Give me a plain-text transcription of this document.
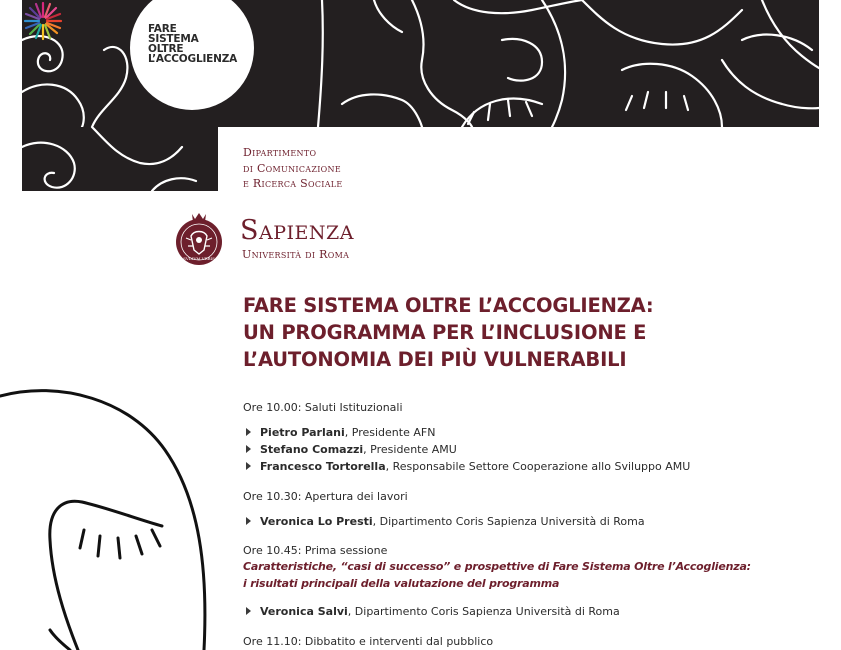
FARE
SISTEMA
OLTRE
L’ACCOGLIENZA
Dipartimento
di Comunicazione
e Ricerca Sociale
SVDIVM VRBIS
Sapienza
Università di Roma
FARE SISTEMA OLTRE L’ACCOGLIENZA:
UN PROGRAMMA PER L’INCLUSIONE E
L’AUTONOMIA DEI PIÙ VULNERABILI
Ore 10.00: Saluti Istituzionali
Pietro Parlani, Presidente AFN
Stefano Comazzi, Presidente AMU
Francesco Tortorella, Responsabile Settore Cooperazione allo Sviluppo AMU
Ore 10.30: Apertura dei lavori
Veronica Lo Presti, Dipartimento Coris Sapienza Università di Roma
Ore 10.45: Prima sessione
Caratteristiche, “casi di successo” e prospettive di Fare Sistema Oltre l’Accoglienza:
i risultati principali della valutazione del programma
Veronica Salvi, Dipartimento Coris Sapienza Università di Roma
Ore 11.10: Dibbatito e interventi dal pubblico
